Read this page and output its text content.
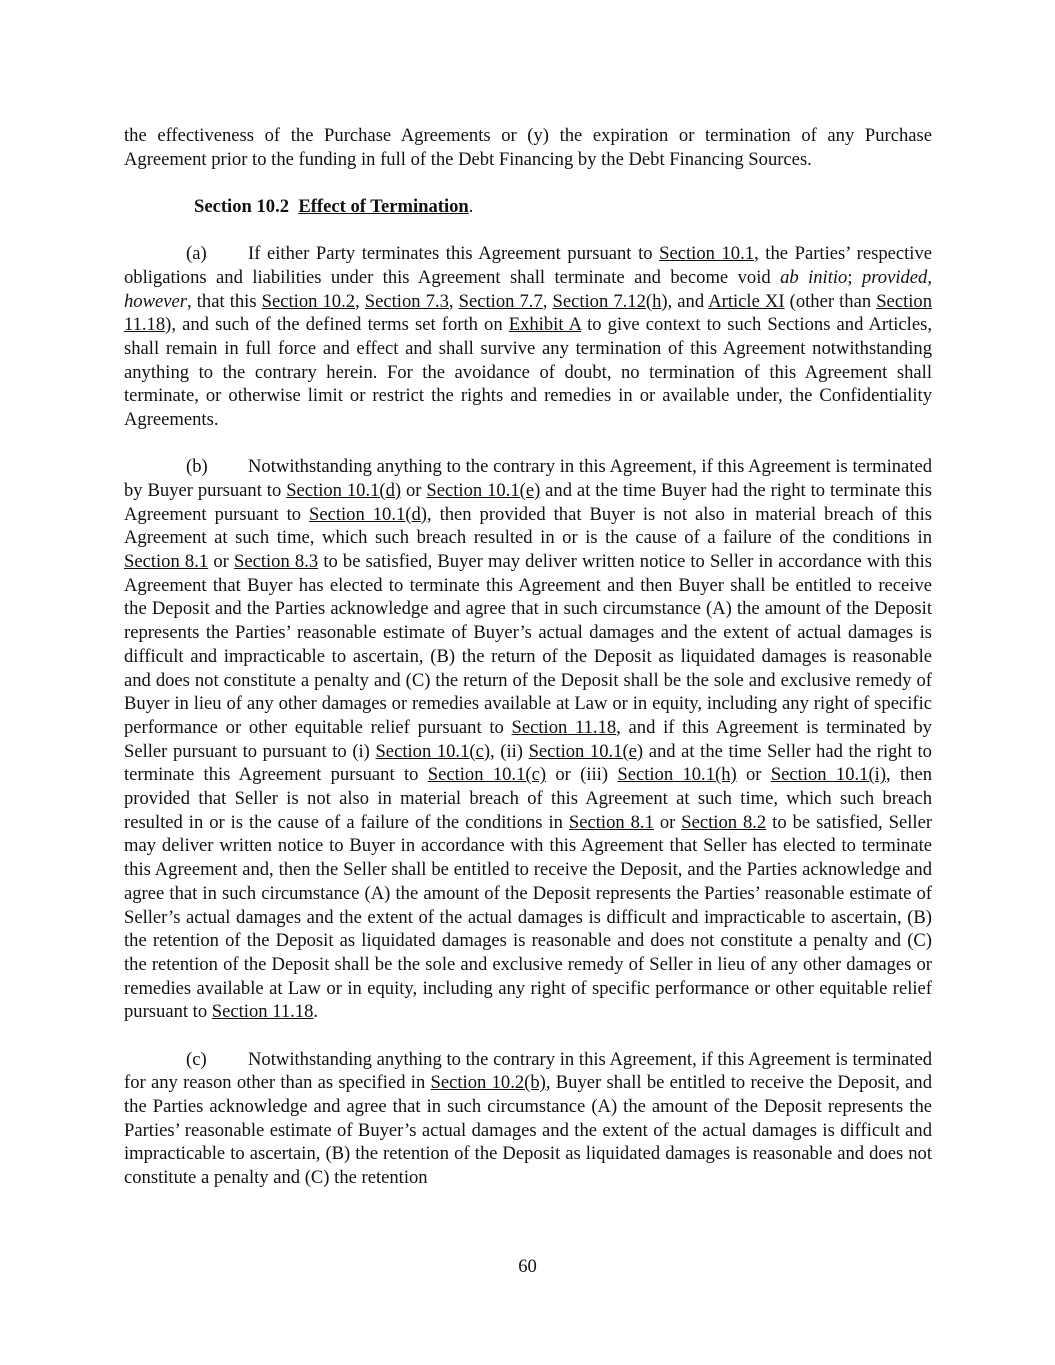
the effectiveness of the Purchase Agreements or (y) the expiration or termination of any Purchase Agreement prior to the funding in full of the Debt Financing by the Debt Financing Sources.

Section 10.2 Effect of Termination.

(a) If either Party terminates this Agreement pursuant to Section 10.1, the Parties’ respective obligations and liabilities under this Agreement shall terminate and become void ab initio; provided, however, that this Section 10.2, Section 7.3, Section 7.7, Section 7.12(h), and Article XI (other than Section 11.18), and such of the defined terms set forth on Exhibit A to give context to such Sections and Articles, shall remain in full force and effect and shall survive any termination of this Agreement notwithstanding anything to the contrary herein. For the avoidance of doubt, no termination of this Agreement shall terminate, or otherwise limit or restrict the rights and remedies in or available under, the Confidentiality Agreements.

(b) Notwithstanding anything to the contrary in this Agreement, if this Agreement is terminated by Buyer pursuant to Section 10.1(d) or Section 10.1(e) and at the time Buyer had the right to terminate this Agreement pursuant to Section 10.1(d), then provided that Buyer is not also in material breach of this Agreement at such time, which such breach resulted in or is the cause of a failure of the conditions in Section 8.1 or Section 8.3 to be satisfied, Buyer may deliver written notice to Seller in accordance with this Agreement that Buyer has elected to terminate this Agreement and then Buyer shall be entitled to receive the Deposit and the Parties acknowledge and agree that in such circumstance (A) the amount of the Deposit represents the Parties’ reasonable estimate of Buyer’s actual damages and the extent of actual damages is difficult and impracticable to ascertain, (B) the return of the Deposit as liquidated damages is reasonable and does not constitute a penalty and (C) the return of the Deposit shall be the sole and exclusive remedy of Buyer in lieu of any other damages or remedies available at Law or in equity, including any right of specific performance or other equitable relief pursuant to Section 11.18, and if this Agreement is terminated by Seller pursuant to pursuant to (i) Section 10.1(c), (ii) Section 10.1(e) and at the time Seller had the right to terminate this Agreement pursuant to Section 10.1(c) or (iii) Section 10.1(h) or Section 10.1(i), then provided that Seller is not also in material breach of this Agreement at such time, which such breach resulted in or is the cause of a failure of the conditions in Section 8.1 or Section 8.2 to be satisfied, Seller may deliver written notice to Buyer in accordance with this Agreement that Seller has elected to terminate this Agreement and, then the Seller shall be entitled to receive the Deposit, and the Parties acknowledge and agree that in such circumstance (A) the amount of the Deposit represents the Parties’ reasonable estimate of Seller’s actual damages and the extent of the actual damages is difficult and impracticable to ascertain, (B) the retention of the Deposit as liquidated damages is reasonable and does not constitute a penalty and (C) the retention of the Deposit shall be the sole and exclusive remedy of Seller in lieu of any other damages or remedies available at Law or in equity, including any right of specific performance or other equitable relief pursuant to Section 11.18.

(c) Notwithstanding anything to the contrary in this Agreement, if this Agreement is terminated for any reason other than as specified in Section 10.2(b), Buyer shall be entitled to receive the Deposit, and the Parties acknowledge and agree that in such circumstance (A) the amount of the Deposit represents the Parties’ reasonable estimate of Buyer’s actual damages and the extent of the actual damages is difficult and impracticable to ascertain, (B) the retention of the Deposit as liquidated damages is reasonable and does not constitute a penalty and (C) the retention

60
